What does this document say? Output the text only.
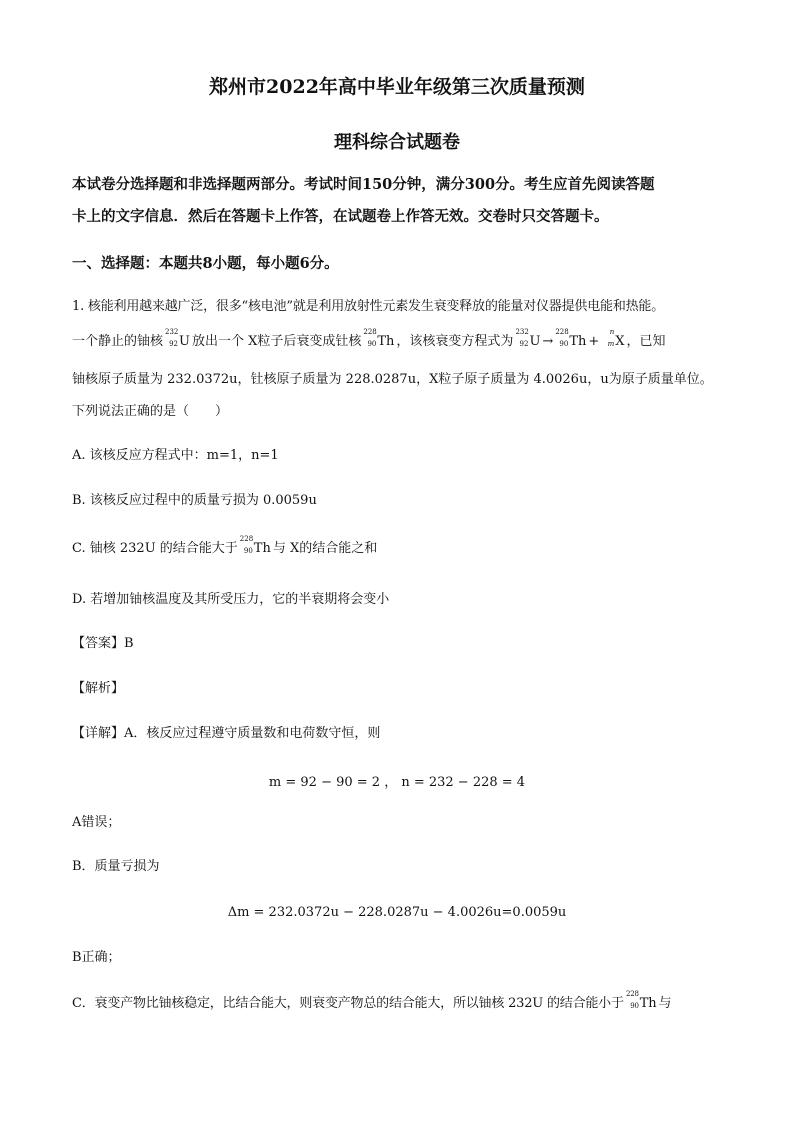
郑州市2022年高中毕业年级第三次质量预测
理科综合试题卷
本试卷分选择题和非选择题两部分。考试时间150分钟，满分300分。考生应首先阅读答题
卡上的文字信息．然后在答题卡上作答，在试题卷上作答无效。交卷时只交答题卡。
一、选择题：本题共8小题，每小题6分。
1. 核能利用越来越广泛，很多“核电池”就是利用放射性元素发生衰变释放的能量对仪器提供电能和热能。
一个静止的铀核
232
92 U 放出一个 X粒子后衰变成钍核
228
90 Th ，该核衰变方程式为
232
92 U →
228
90 Th +
n
m X ，已知
铀核原子质量为 232.0372u，钍核原子质量为 228.0287u，X粒子原子质量为 4.0026u，u为原子质量单位。
下列说法正确的是（　　）
A. 该核反应方程式中：m=1，n=1
B. 该核反应过程中的质量亏损为 0.0059u
C. 铀核 232U 的结合能大于
228
90 Th 与 X的结合能之和
D. 若增加铀核温度及其所受压力，它的半衰期将会变小
【答案】B
【解析】
【详解】A．核反应过程遵守质量数和电荷数守恒，则
m = 92 − 90 = 2 ， n = 232 − 228 = 4
A错误；
B．质量亏损为
Δm = 232.0372u − 228.0287u − 4.0026u=0.0059u
B正确；
C．衰变产物比铀核稳定，比结合能大，则衰变产物总的结合能大，所以铀核 232U 的结合能小于
228
90 Th 与
